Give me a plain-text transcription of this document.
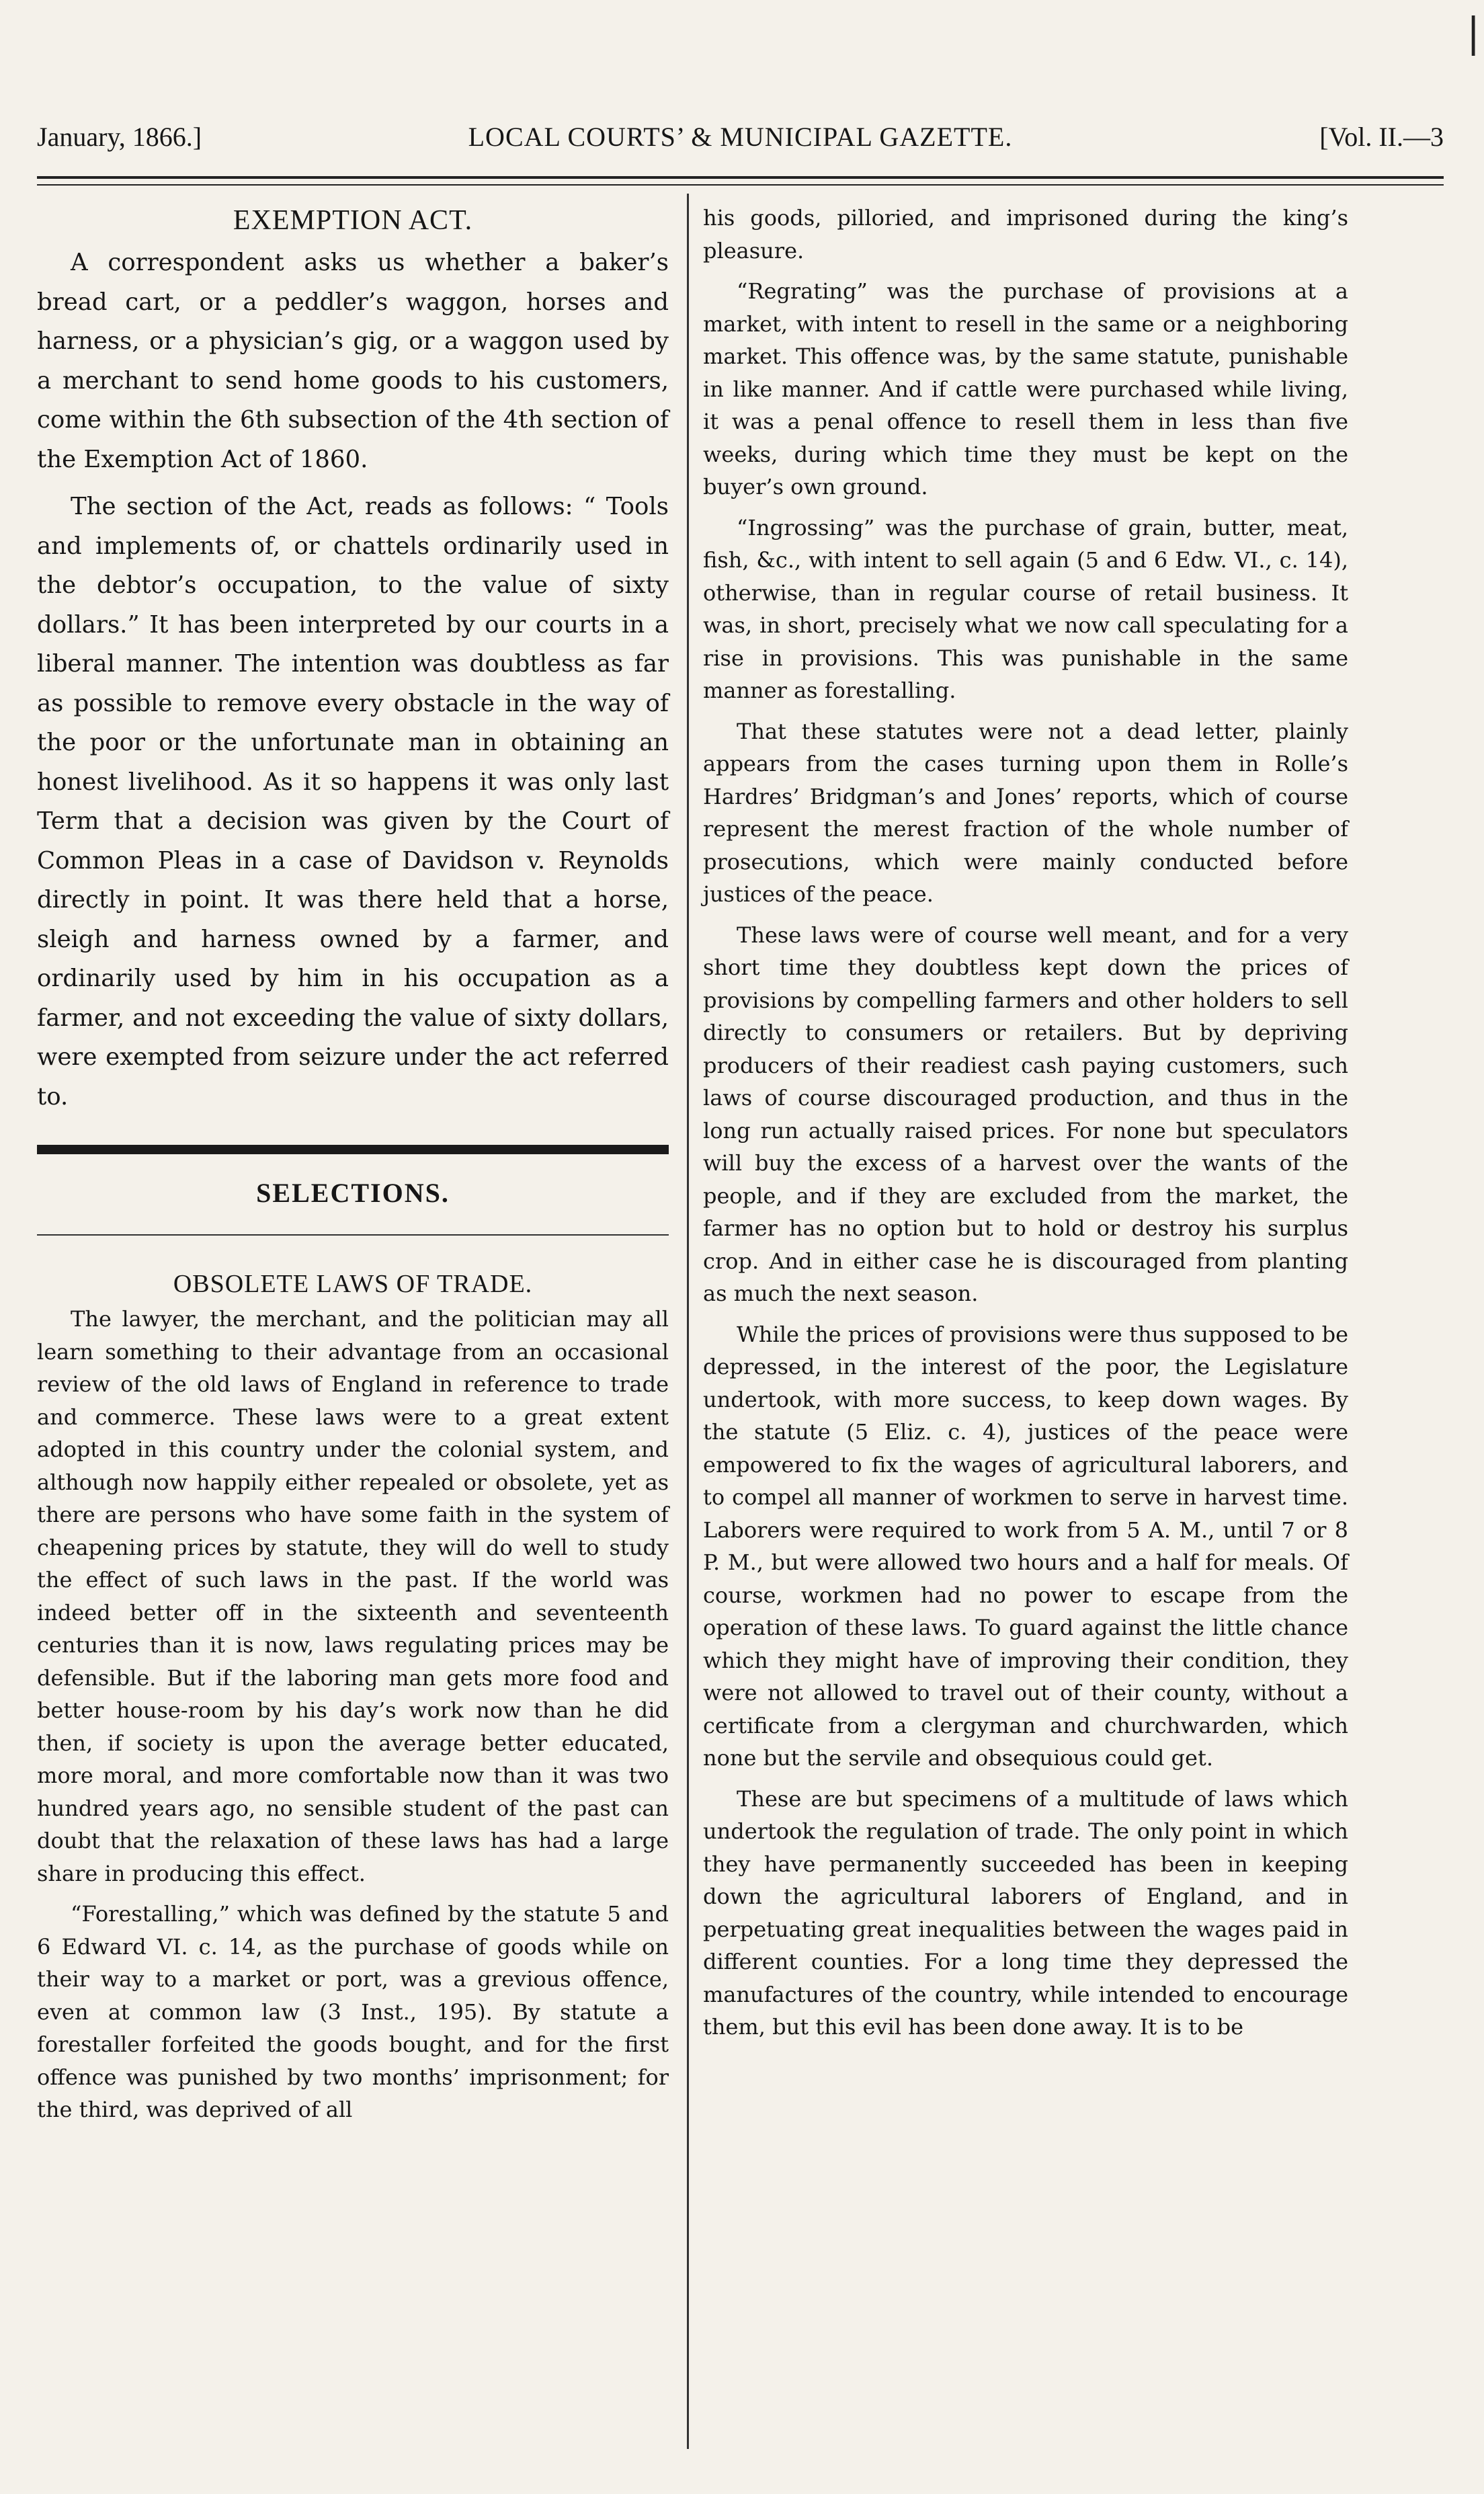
January, 1866.]	LOCAL COURTS’ & MUNICIPAL GAZETTE.	[Vol. II.—3
EXEMPTION ACT.

A correspondent asks us whether a baker’s bread cart, or a peddler’s waggon, horses and harness, or a physician’s gig, or a waggon used by a merchant to send home goods to his customers, come within the 6th subsection of the 4th section of the Exemption Act of 1860.

The section of the Act, reads as follows: “ Tools and implements of, or chattels ordinarily used in the debtor’s occupation, to the value of sixty dollars.” It has been interpreted by our courts in a liberal manner. The intention was doubtless as far as possible to remove every obstacle in the way of the poor or the unfortunate man in obtaining an honest livelihood. As it so happens it was only last Term that a decision was given by the Court of Common Pleas in a case of Davidson v. Reynolds directly in point. It was there held that a horse, sleigh and harness owned by a farmer, and ordinarily used by him in his occupation as a farmer, and not exceeding the value of sixty dollars, were exempted from seizure under the act referred to.

SELECTIONS.
OBSOLETE LAWS OF TRADE.

The lawyer, the merchant, and the politician may all learn something to their advantage from an occasional review of the old laws of England in reference to trade and commerce. These laws were to a great extent adopted in this country under the colonial system, and although now happily either repealed or obsolete, yet as there are persons who have some faith in the system of cheapening prices by statute, they will do well to study the effect of such laws in the past. If the world was indeed better off in the sixteenth and seventeenth centuries than it is now, laws regulating prices may be defensible. But if the laboring man gets more food and better house-room by his day’s work now than he did then, if society is upon the average better educated, more moral, and more comfortable now than it was two hundred years ago, no sensible student of the past can doubt that the relaxation of these laws has had a large share in producing this effect.

“Forestalling,” which was defined by the statute 5 and 6 Edward VI. c. 14, as the purchase of goods while on their way to a market or port, was a grevious offence, even at common law (3 Inst., 195). By statute a forestaller forfeited the goods bought, and for the first offence was punished by two months’ imprisonment; for the third, was deprived of all

his goods, pilloried, and imprisoned during the king’s pleasure.

“Regrating” was the purchase of provisions at a market, with intent to resell in the same or a neighboring market. This offence was, by the same statute, punishable in like manner. And if cattle were purchased while living, it was a penal offence to resell them in less than five weeks, during which time they must be kept on the buyer’s own ground.

“Ingrossing” was the purchase of grain, butter, meat, fish, &c., with intent to sell again (5 and 6 Edw. VI., c. 14), otherwise, than in regular course of retail business. It was, in short, precisely what we now call speculating for a rise in provisions. This was punishable in the same manner as forestalling.

That these statutes were not a dead letter, plainly appears from the cases turning upon them in Rolle’s Hardres’ Bridgman’s and Jones’ reports, which of course represent the merest fraction of the whole number of prosecutions, which were mainly conducted before justices of the peace.

These laws were of course well meant, and for a very short time they doubtless kept down the prices of provisions by compelling farmers and other holders to sell directly to consumers or retailers. But by depriving producers of their readiest cash paying customers, such laws of course discouraged production, and thus in the long run actually raised prices. For none but speculators will buy the excess of a harvest over the wants of the people, and if they are excluded from the market, the farmer has no option but to hold or destroy his surplus crop. And in either case he is discouraged from planting as much the next season.

While the prices of provisions were thus supposed to be depressed, in the interest of the poor, the Legislature undertook, with more success, to keep down wages. By the statute (5 Eliz. c. 4), justices of the peace were empowered to fix the wages of agricultural laborers, and to compel all manner of workmen to serve in harvest time. Laborers were required to work from 5 A. M., until 7 or 8 P. M., but were allowed two hours and a half for meals. Of course, workmen had no power to escape from the operation of these laws. To guard against the little chance which they might have of improving their condition, they were not allowed to travel out of their county, without a certificate from a clergyman and churchwarden, which none but the servile and obsequious could get.

These are but specimens of a multitude of laws which undertook the regulation of trade. The only point in which they have permanently succeeded has been in keeping down the agricultural laborers of England, and in perpetuating great inequalities between the wages paid in different counties. For a long time they depressed the manufactures of the country, while intended to encourage them, but this evil has been done away. It is to be

|
